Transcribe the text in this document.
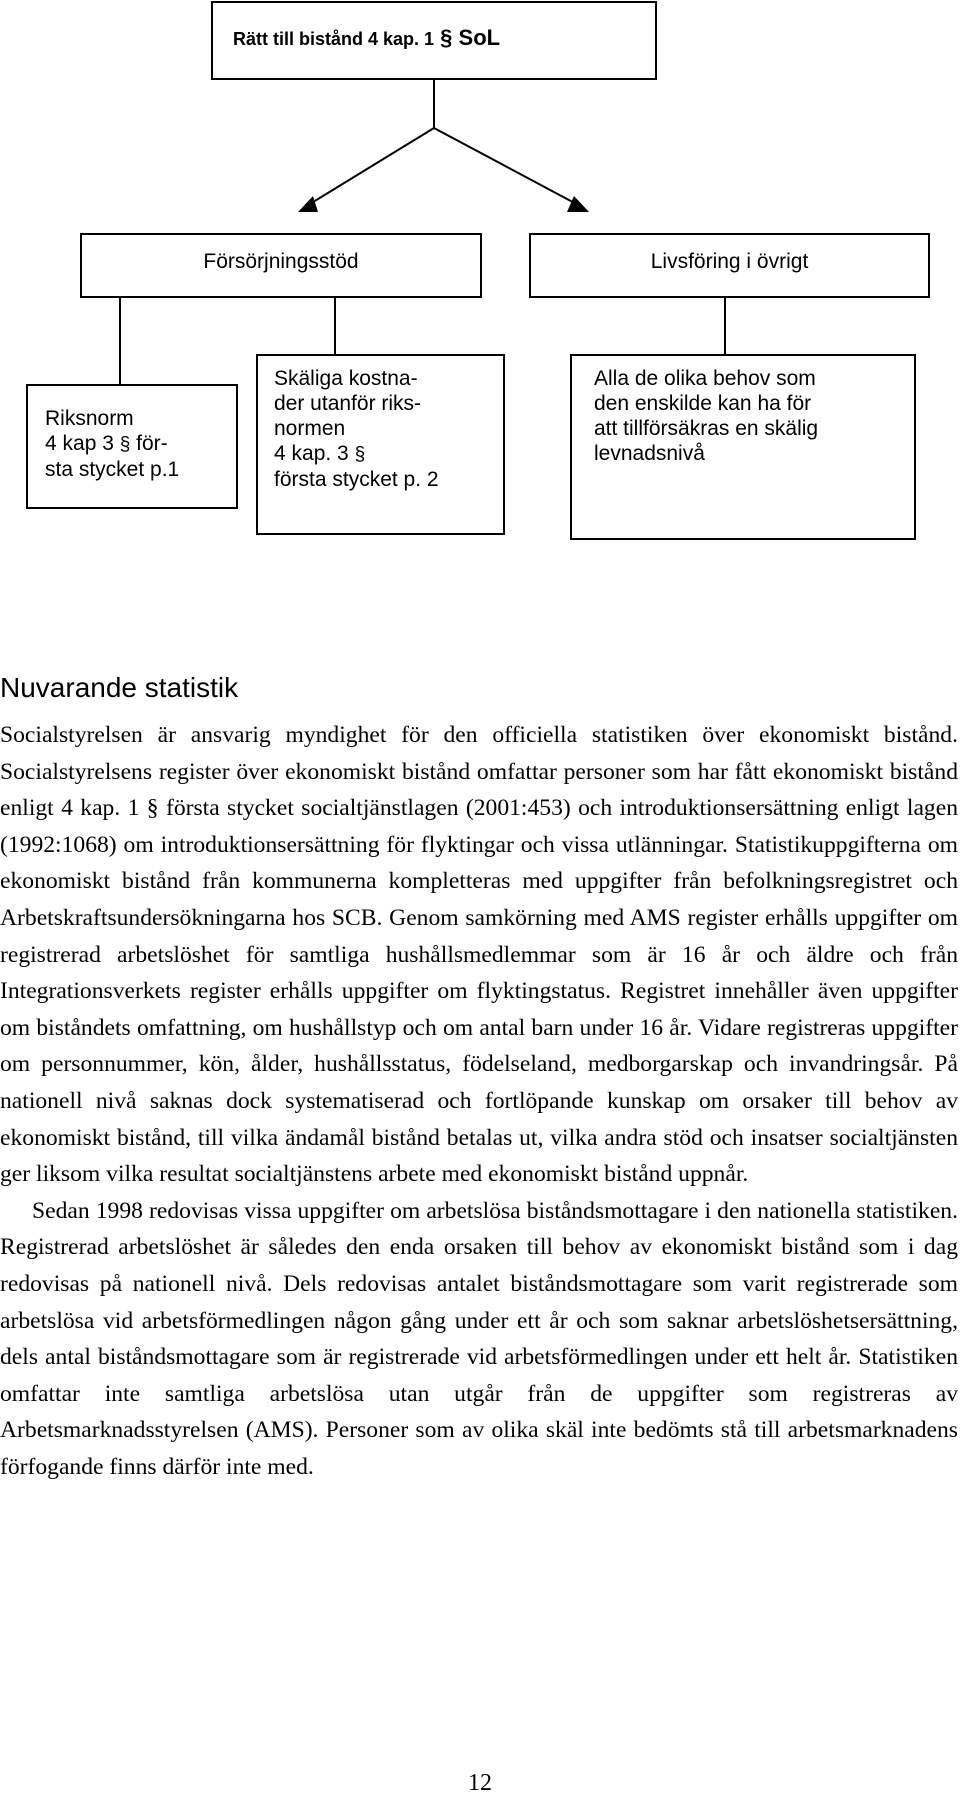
Rätt till bistånd 4 kap. 1 § SoL
Försörjningsstöd	Livsföring i övrigt
Riksnorm
4 kap 3 § för-
sta stycket p.1
Skäliga kostna-
der utanför riks-
normen
4 kap. 3 §
första stycket p. 2
Alla de olika behov som
den enskilde kan ha för
att tillförsäkras en skälig
levnadsnivå
Nuvarande statistik

Socialstyrelsen är ansvarig myndighet för den officiella statistiken över ekonomiskt bistånd. Socialstyrelsens register över ekonomiskt bistånd omfattar personer som har fått ekonomiskt bistånd enligt 4 kap. 1 § första stycket socialtjänstlagen (2001:453) och introduktionsersättning enligt lagen (1992:1068) om introduktionsersättning för flyktingar och vissa utlänningar. Statistikuppgifterna om ekonomiskt bistånd från kommunerna kompletteras med uppgifter från befolkningsregistret och Arbetskraftsundersökningarna hos SCB. Genom samkörning med AMS register erhålls uppgifter om registrerad arbetslöshet för samtliga hushållsmedlemmar som är 16 år och äldre och från Integrationsverkets register erhålls uppgifter om flyktingstatus. Registret innehåller även uppgifter om biståndets omfattning, om hushållstyp och om antal barn under 16 år. Vidare registreras uppgifter om personnummer, kön, ålder, hushållsstatus, födelseland, medborgarskap och invandringsår. På nationell nivå saknas dock systematiserad och fortlöpande kunskap om orsaker till behov av ekonomiskt bistånd, till vilka ändamål bistånd betalas ut, vilka andra stöd och insatser socialtjänsten ger liksom vilka resultat socialtjänstens arbete med ekonomiskt bistånd uppnår.

Sedan 1998 redovisas vissa uppgifter om arbetslösa biståndsmottagare i den nationella statistiken. Registrerad arbetslöshet är således den enda orsaken till behov av ekonomiskt bistånd som i dag redovisas på nationell nivå. Dels redovisas antalet biståndsmottagare som varit registrerade som arbetslösa vid arbetsförmedlingen någon gång under ett år och som saknar arbetslöshetsersättning, dels antal biståndsmottagare som är registrerade vid arbetsförmedlingen under ett helt år. Statistiken omfattar inte samtliga arbetslösa utan utgår från de uppgifter som registreras av Arbetsmarknadsstyrelsen (AMS). Personer som av olika skäl inte bedömts stå till arbetsmarknadens förfogande finns därför inte med.

12
